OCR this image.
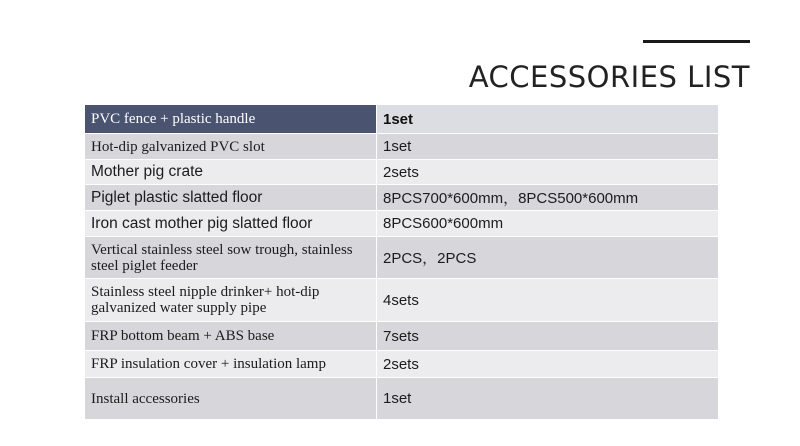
ACCESSORIES LIST
PVC fence + plastic handle	1set
Hot-dip galvanized PVC slot	1set
Mother pig crate	2sets
Piglet plastic slatted floor	8PCS700*600mm，8PCS500*600mm
Iron cast mother pig slatted floor	8PCS600*600mm
Vertical stainless steel sow trough, stainless steel piglet feeder	2PCS，2PCS
Stainless steel nipple drinker+ hot-dip galvanized water supply pipe	4sets
FRP bottom beam + ABS base	7sets
FRP insulation cover + insulation lamp	2sets
Install accessories	1set
